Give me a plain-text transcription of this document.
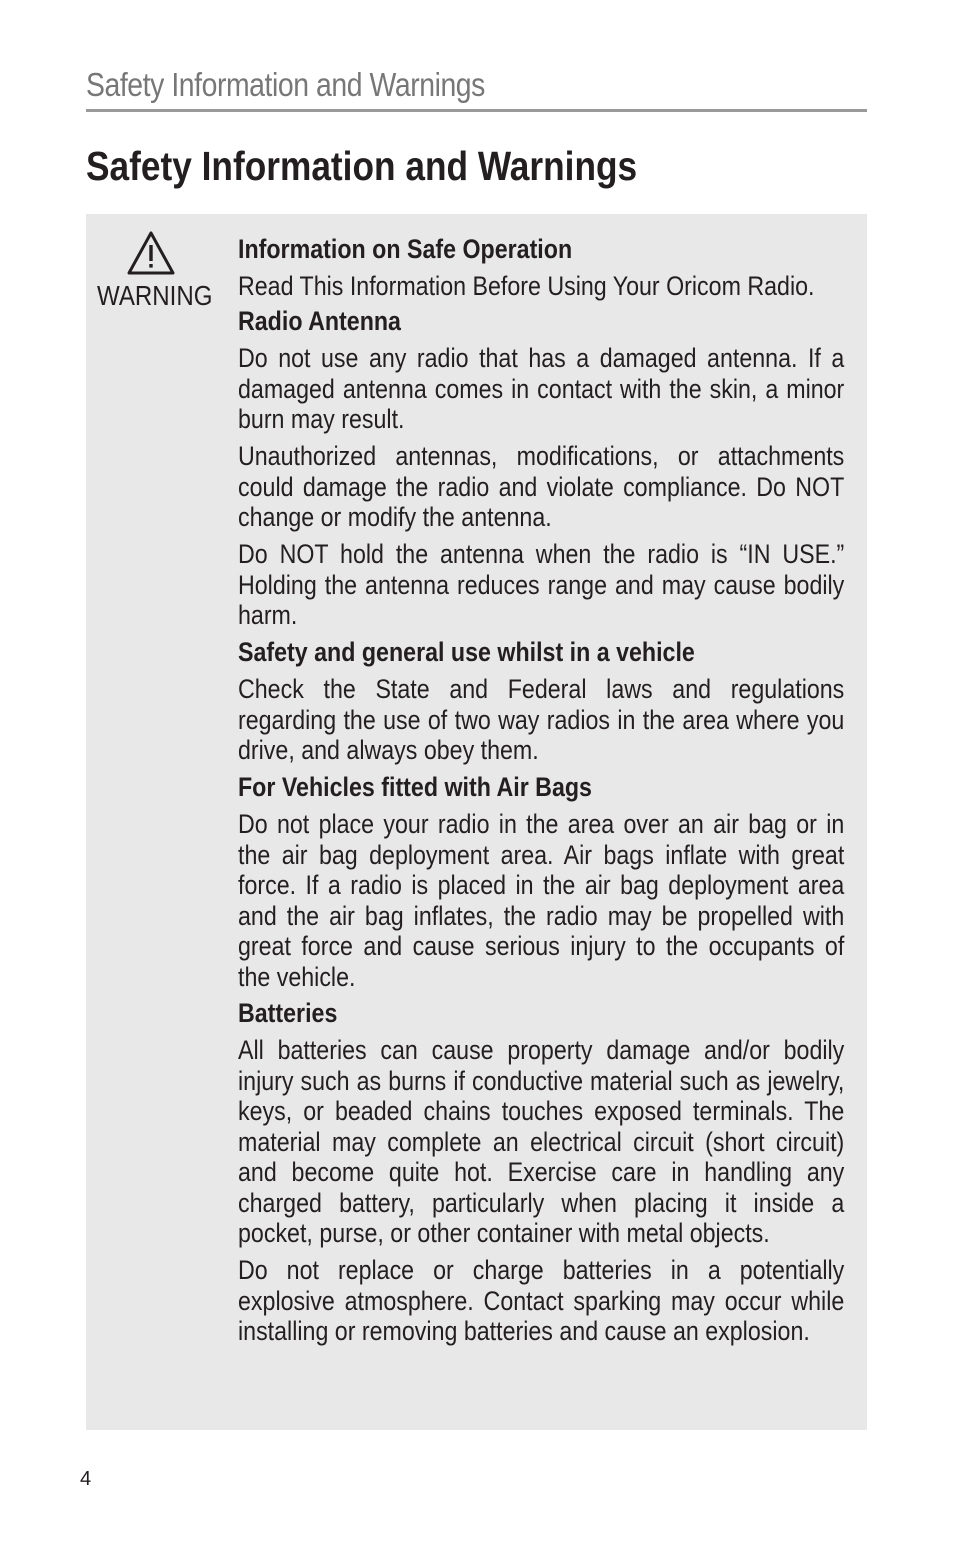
Safety Information and Warnings
Safety Information and Warnings
WARNING
Information on Safe Operation

Read This Information Before Using Your Oricom Radio.

Radio Antenna

Do not use any radio that has a damaged antenna. If a damaged antenna comes in contact with the skin, a minor burn may result.

Unauthorized antennas, modifications, or attachments could damage the radio and violate compliance. Do NOT change or modify the antenna.

Do NOT hold the antenna when the radio is “IN USE.” Holding the antenna reduces range and may cause bodily harm.

Safety and general use whilst in a vehicle

Check the State and Federal laws and regulations regarding the use of two way radios in the area where you drive, and always obey them.

For Vehicles fitted with Air Bags

Do not place your radio in the area over an air bag or in the air bag deployment area. Air bags inflate with great force. If a radio is placed in the air bag deployment area and the air bag inflates, the radio may be propelled with great force and cause serious injury to the occupants of the vehicle.

Batteries

All batteries can cause property damage and/or bodily injury such as burns if conductive material such as jewelry, keys, or beaded chains touches exposed terminals. The material may complete an electrical circuit (short circuit) and become quite hot. Exercise care in handling any charged battery, particularly when placing it inside a pocket, purse, or other container with metal objects.

Do not replace or charge batteries in a potentially explosive atmosphere. Contact sparking may occur while installing or removing batteries and cause an explosion.

4
